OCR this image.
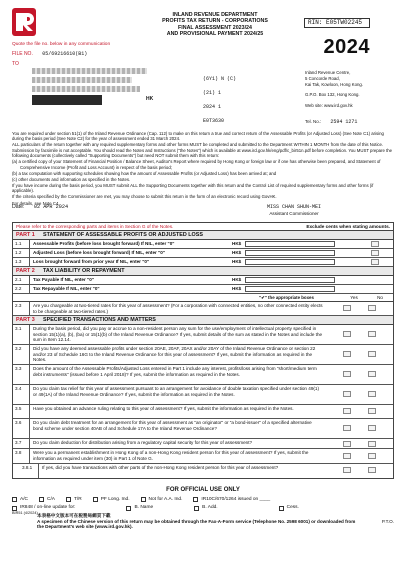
INLAND REVENUE DEPARTMENT
PROFITS TAX RETURN - CORPORATIONS
FINAL ASSESSMENT 2023/24
AND PROVISIONAL PAYMENT 2024/25
RIN: E05TW02245
2024
Quote the file no. below in any communication
FILE NO. 05/69216610(B1)
TO
HK
(6Y1) N (C)
(21) 1
2024 1
E0T3630
Inland Revenue Centre,
5 Concorde Road,
Kai Tak, Kowloon, Hong Kong.
G.P.O. Box 132, Hong Kong.
Web site: www.ird.gov.hk
Tel. No.: 2594 1271

You are required under section 51(1) of the Inland Revenue Ordinance (Cap. 112) to make on this return a true and correct return of the Assessable Profits (or Adjusted Loss) (See Note C1) arising during the basis period (See Note C2) for the year of assessment ended 31 March 2024.

ALL particulars of the return together with any required supplementary forms and other forms MUST be completed and submitted to the Department WITHIN 1 MONTH from the date of this Notice. Submission by facsimile is not acceptable. You should read the Notes and Instructions ("the Notes") which is available at www.ird.gov.hk/eng/pdf/c_bir51n.pdf before completion. You MUST prepare the following documents (collectively called "Supporting Documents") but need NOT submit them with this return:

(a) a certified copy of your Statement of Financial Position / Balance Sheet, Auditor's Report where required by Hong Kong or foreign law or if one has otherwise been prepared, and Statement of Comprehensive Income (Profit and Loss Account) in respect of the basis period;

(b) a tax computation with supporting schedules showing how the amount of Assessable Profits (or Adjusted Loss) has been arrived at; and

(c) other documents and information as specified in the Notes.

If you have income during the basis period, you MUST submit ALL the Supporting Documents together with this return and the Control List of required supplementary forms and other forms (if applicable).

If the criteria specified by the Commissioner are met, you may choose to submit this return in the form of an electronic record using GovHK.

For details, see Note C4.

Date: 02 APR 2024	MISS CHAN SHUN-MEI
Assistant Commissioner
Please refer to the corresponding parts and items in Section G of the Notes.	Exclude cents when stating amounts.
PART 1	STATEMENT OF ASSESSABLE PROFITS OR ADJUSTED LOSS
1.1	Assessable Profits (before loss brought forward) If NIL, enter "0"	HK$
1.2	Adjusted Loss (before loss brought forward) If NIL, enter "0"	HK$
1.3	Loss brought forward from prior year If NIL, enter "0"	HK$
PART 2	TAX LIABILITY OR REPAYMENT
2.1	Tax Payable If NIL, enter "0"	HK$
2.2	Tax Repayable If NIL, enter "0"	HK$
"✔" the appropriate boxes	Yes	No
2.3	Are you chargeable at two-tiered rates for this year of assessment? (For a corporation with connected entities, no other connected entity elects to be chargeable at two-tiered rates.)
PART 3	SPECIFIED TRANSACTIONS AND MATTERS
3.1	During the basis period, did you pay or accrue to a non-resident person any sum for the use/employment of intellectual property specified in section 15(1)(a), (b), (ba) or 15(1)(b) of the Inland Revenue Ordinance? If yes, submit details of the sum as stated in the Notes and include the sum in Item 12.14.
3.2	Did you have any deemed assessable profits under section 20AE, 20AF, 20AX and/or 20AY of the Inland Revenue Ordinance or section 22 and/or 23 of Schedule 16G to the Inland Revenue Ordinance for this year of assessment? If yes, submit the information as required in the Notes.
3.3	Does the amount of the Assessable Profits/Adjusted Loss entered in Part 1 include any interest, profits/loss arising from "short/medium term debt instruments" (issued before 1 April 2018)? If yes, submit the information as required in the Notes.
3.4	Do you claim tax relief for this year of assessment pursuant to an arrangement for avoidance of double taxation specified under section 49(1) or 49(1A) of the Inland Revenue Ordinance? If yes, submit the information as required in the Notes.
3.5	Have you obtained an advance ruling relating to this year of assessment? If yes, submit the information as required in the Notes.
3.6	Do you claim debt treatment for an arrangement for this year of assessment as "an originator" or "a bond-issuer" of a specified alternative bond scheme under section 40AB of and Schedule 17A to the Inland Revenue Ordinance?
3.7	Do you claim deduction for distribution arising from a regulatory capital security for this year of assessment?
3.8	Were you a permanent establishment in Hong Kong of a non-Hong Kong resident person for this year of assessment? If yes, submit the information as required under item (30) in Part 1 of Note G.
3.8.1	If yes, did you have transactions with other parts of the non-Hong Kong resident person for this year of assessment?
FOR OFFICIAL USE ONLY
A/C	C/A	T/R	PF Long. Ind.	Not for A.A. Ind.	IR10C/670/1264 issued on ____
IR848 / on-line update for:	B. Name	B. Add.	Cess.
BIR51 (4/2024) 本表格中文版本可在税務局網頁下載
A specimen of the Chinese version of this return may be obtained through the Fax-A-Form service (Telephone No. 2598 6001) or downloaded from the Department's web site (www.ird.gov.hk).
P.T.O.
